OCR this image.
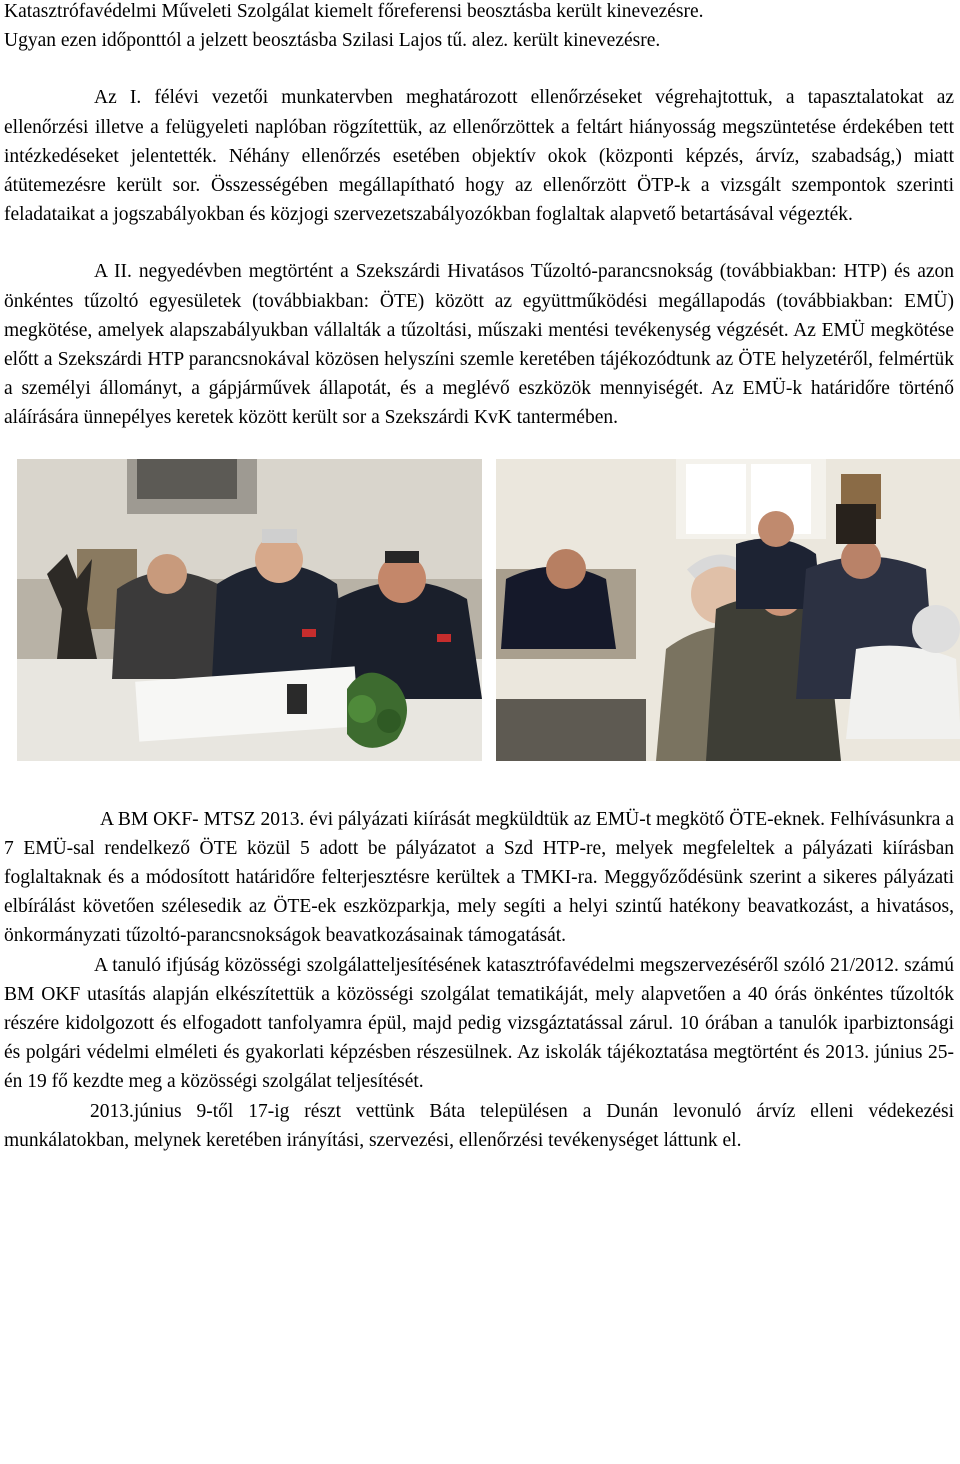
Katasztrófavédelmi Műveleti Szolgálat kiemelt főreferensi beosztásba került kinevezésre.

Ugyan ezen időponttól a jelzett beosztásba Szilasi Lajos tű. alez. került kinevezésre.

Az I. félévi vezetői munkatervben meghatározott ellenőrzéseket végrehajtottuk, a tapasztalatokat az ellenőrzési illetve a felügyeleti naplóban rögzítettük, az ellenőrzöttek a feltárt hiányosság megszüntetése érdekében tett intézkedéseket jelentették. Néhány ellenőrzés esetében objektív okok (központi képzés, árvíz, szabadság,) miatt átütemezésre került sor. Összességében megállapítható hogy az ellenőrzött ÖTP-k a vizsgált szempontok szerinti feladataikat a jogszabályokban és közjogi szervezetszabályozókban foglaltak alapvető betartásával végezték.

A II. negyedévben megtörtént a Szekszárdi Hivatásos Tűzoltó-parancsnokság (továbbiakban: HTP) és azon önkéntes tűzoltó egyesületek (továbbiakban: ÖTE) között az együttműködési megállapodás (továbbiakban: EMÜ) megkötése, amelyek alapszabályukban vállalták a tűzoltási, műszaki mentési tevékenység végzését. Az EMÜ megkötése előtt a Szekszárdi HTP parancsnokával közösen helyszíni szemle keretében tájékozódtunk az ÖTE helyzetéről, felmértük a személyi állományt, a gápjárművek állapotát, és a meglévő eszközök mennyiségét. Az EMÜ-k határidőre történő aláírására ünnepélyes keretek között került sor a Szekszárdi KvK tantermében.

A BM OKF- MTSZ 2013. évi pályázati kiírását megküldtük az EMÜ-t megkötő ÖTE-eknek. Felhívásunkra a 7 EMÜ-sal rendelkező ÖTE közül 5 adott be pályázatot a Szd HTP-re, melyek megfeleltek a pályázati kiírásban foglaltaknak és a módosított határidőre felterjesztésre kerültek a TMKI-ra. Meggyőződésünk szerint a sikeres pályázati elbírálást követően szélesedik az ÖTE-ek eszközparkja, mely segíti a helyi szintű hatékony beavatkozást, a hivatásos, önkormányzati tűzoltó-parancsnokságok beavatkozásainak támogatását.

A tanuló ifjúság közösségi szolgálatteljesítésének katasztrófavédelmi megszervezéséről szóló 21/2012. számú BM OKF utasítás alapján elkészítettük a közösségi szolgálat tematikáját, mely alapvetően a 40 órás önkéntes tűzoltók részére kidolgozott és elfogadott tanfolyamra épül, majd pedig vizsgáztatással zárul. 10 órában a tanulók iparbiztonsági és polgári védelmi elméleti és gyakorlati képzésben részesülnek. Az iskolák tájékoztatása megtörtént és 2013. június 25-én 19 fő kezdte meg a közösségi szolgálat teljesítését.

2013.június 9-től 17-ig részt vettünk Báta településen a Dunán levonuló árvíz elleni védekezési munkálatokban, melynek keretében irányítási, szervezési, ellenőrzési tevékenységet láttunk el.
